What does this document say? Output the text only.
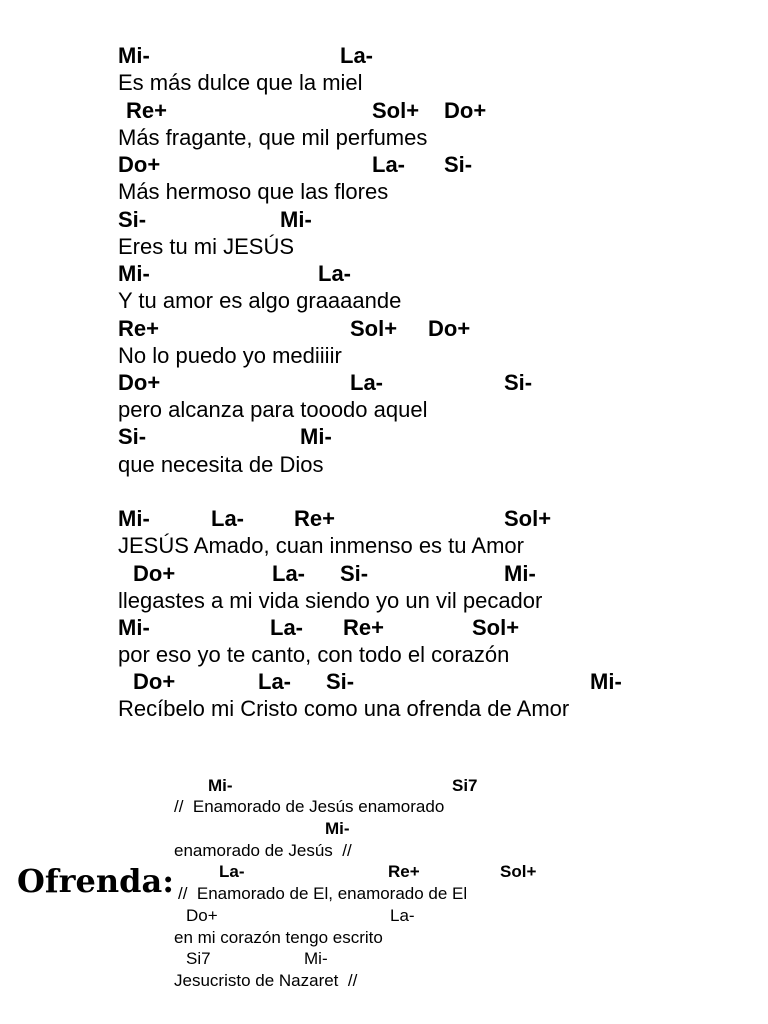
Mi-	La-
Es más dulce que la miel
Re+	Sol+ Do+
Más fragante, que mil perfumes
Do+	La- Si-
Más hermoso que las flores
Si-	Mi-
Eres tu mi JESÚS
Mi-	La-
Y tu amor es algo graaaande
Re+	Sol+ Do+
No lo puedo yo mediiiir
Do+	La-	Si-
pero alcanza para tooodo aquel
Si-	Mi-
que necesita de Dios
Mi-	La- Re+	Sol+
JESÚS Amado, cuan inmenso es tu Amor
Do+	La- Si-	Mi-
llegastes a mi vida siendo yo un vil pecador
Mi-	La- Re+	Sol+
por eso yo te canto, con todo el corazón
Do+	La- Si-	Mi-
Recíbelo mi Cristo como una ofrenda de Amor
Ofrenda:
Mi-	Si7
//  Enamorado de Jesús enamorado
Mi-
enamorado de Jesús  //
La-	Re+	Sol+
//  Enamorado de El, enamorado de El
Do+	La-
en mi corazón tengo escrito
Si7	Mi-
Jesucristo de Nazaret  //
